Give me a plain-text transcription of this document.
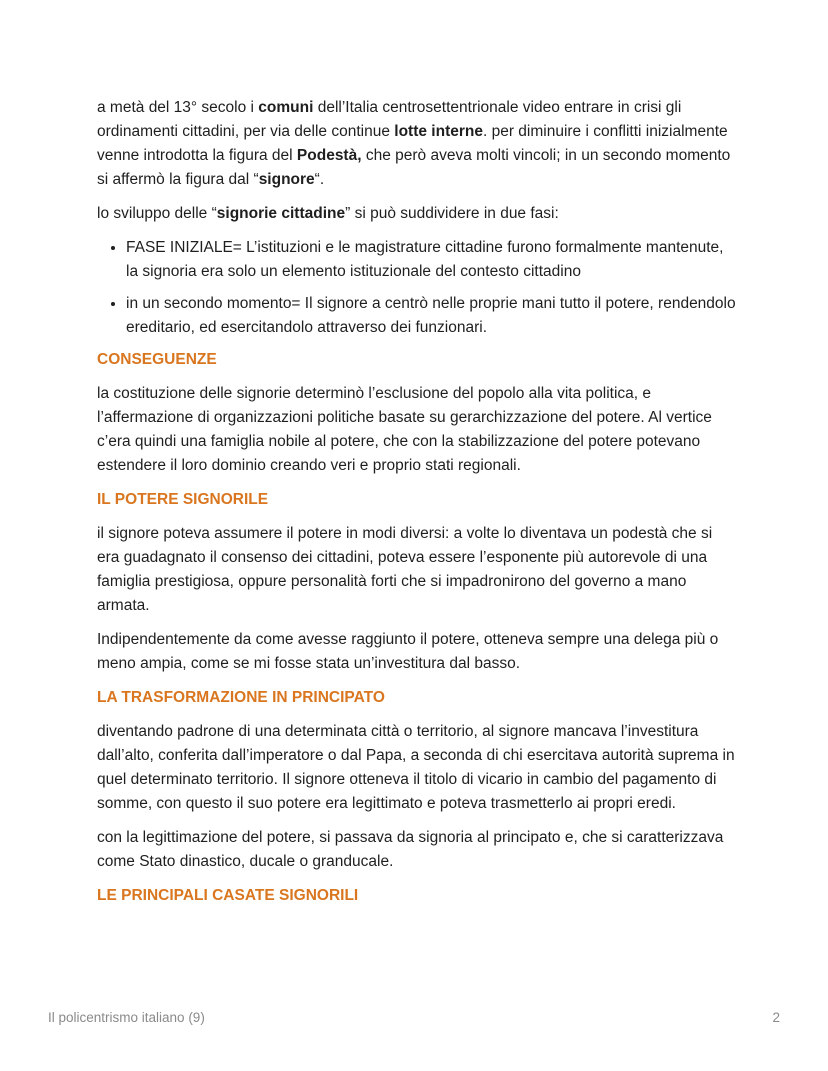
a metà del 13° secolo i comuni dell’Italia centrosettentrionale video entrare in crisi gli ordinamenti cittadini, per via delle continue lotte interne. per diminuire i conflitti inizialmente venne introdotta la figura del Podestà, che però aveva molti vincoli; in un secondo momento si affermò la figura dal “signore“.

lo sviluppo delle “signorie cittadine” si può suddividere in due fasi:

• FASE INIZIALE= L’istituzioni e le magistrature cittadine furono formalmente mantenute, la signoria era solo un elemento istituzionale del contesto cittadino
• in un secondo momento= Il signore a centrò nelle proprie mani tutto il potere, rendendolo ereditario, ed esercitandolo attraverso dei funzionari.
CONSEGUENZE

la costituzione delle signorie determinò l’esclusione del popolo alla vita politica, e l’affermazione di organizzazioni politiche basate su gerarchizzazione del potere. Al vertice c’era quindi una famiglia nobile al potere, che con la stabilizzazione del potere potevano estendere il loro dominio creando veri e proprio stati regionali.

IL POTERE SIGNORILE

il signore poteva assumere il potere in modi diversi: a volte lo diventava un podestà che si era guadagnato il consenso dei cittadini, poteva essere l’esponente più autorevole di una famiglia prestigiosa, oppure personalità forti che si impadronirono del governo a mano armata.

Indipendentemente da come avesse raggiunto il potere, otteneva sempre una delega più o meno ampia, come se mi fosse stata un’investitura dal basso.

LA TRASFORMAZIONE IN PRINCIPATO

diventando padrone di una determinata città o territorio, al signore mancava l’investitura dall’alto, conferita dall’imperatore o dal Papa, a seconda di chi esercitava autorità suprema in quel determinato territorio. Il signore otteneva il titolo di vicario in cambio del pagamento di somme, con questo il suo potere era legittimato e poteva trasmetterlo ai propri eredi.

con la legittimazione del potere, si passava da signoria al principato e, che si caratterizzava come Stato dinastico, ducale o granducale.

LE PRINCIPALI CASATE SIGNORILI
Il policentrismo italiano (9)	2
